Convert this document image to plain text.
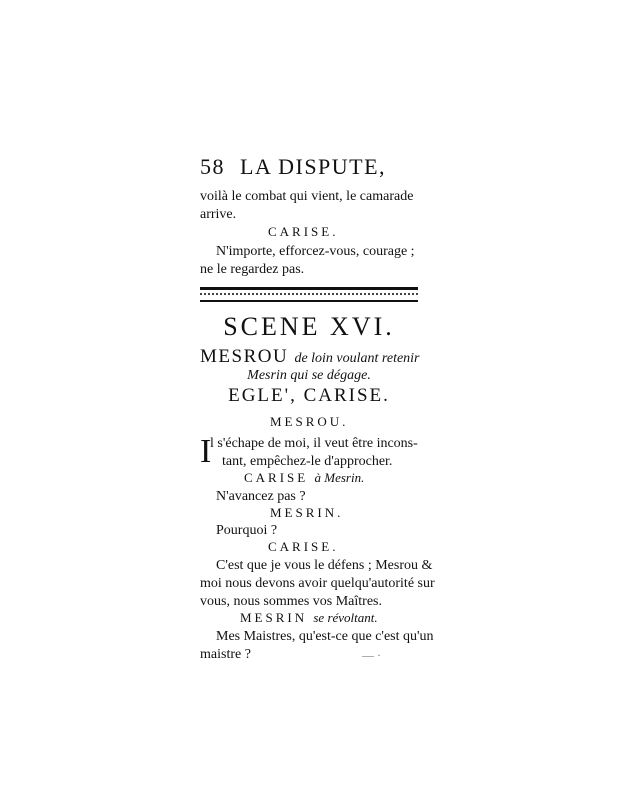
58 LA DISPUTE,
voilà le combat qui vient, le camarade
arrive.
CARISE.
N'importe, efforcez-vous, courage ;
ne le regardez pas.
SCENE XVI.
MESROU de loin voulant retenir
Mesrin qui se dégage.
EGLE', CARISE.
MESROU.
I
l s'échape de moi, il veut être incons-
tant, empêchez-le d'approcher.
CARISE à Mesrin.
N'avancez pas ?
MESRIN.
Pourquoi ?
CARISE.
C'est que je vous le défens ; Mesrou &
moi nous devons avoir quelqu'autorité sur
vous, nous sommes vos Maîtres.
MESRIN se révoltant.
Mes Maistres, qu'est-ce que c'est qu'un
maistre ?	— ·
